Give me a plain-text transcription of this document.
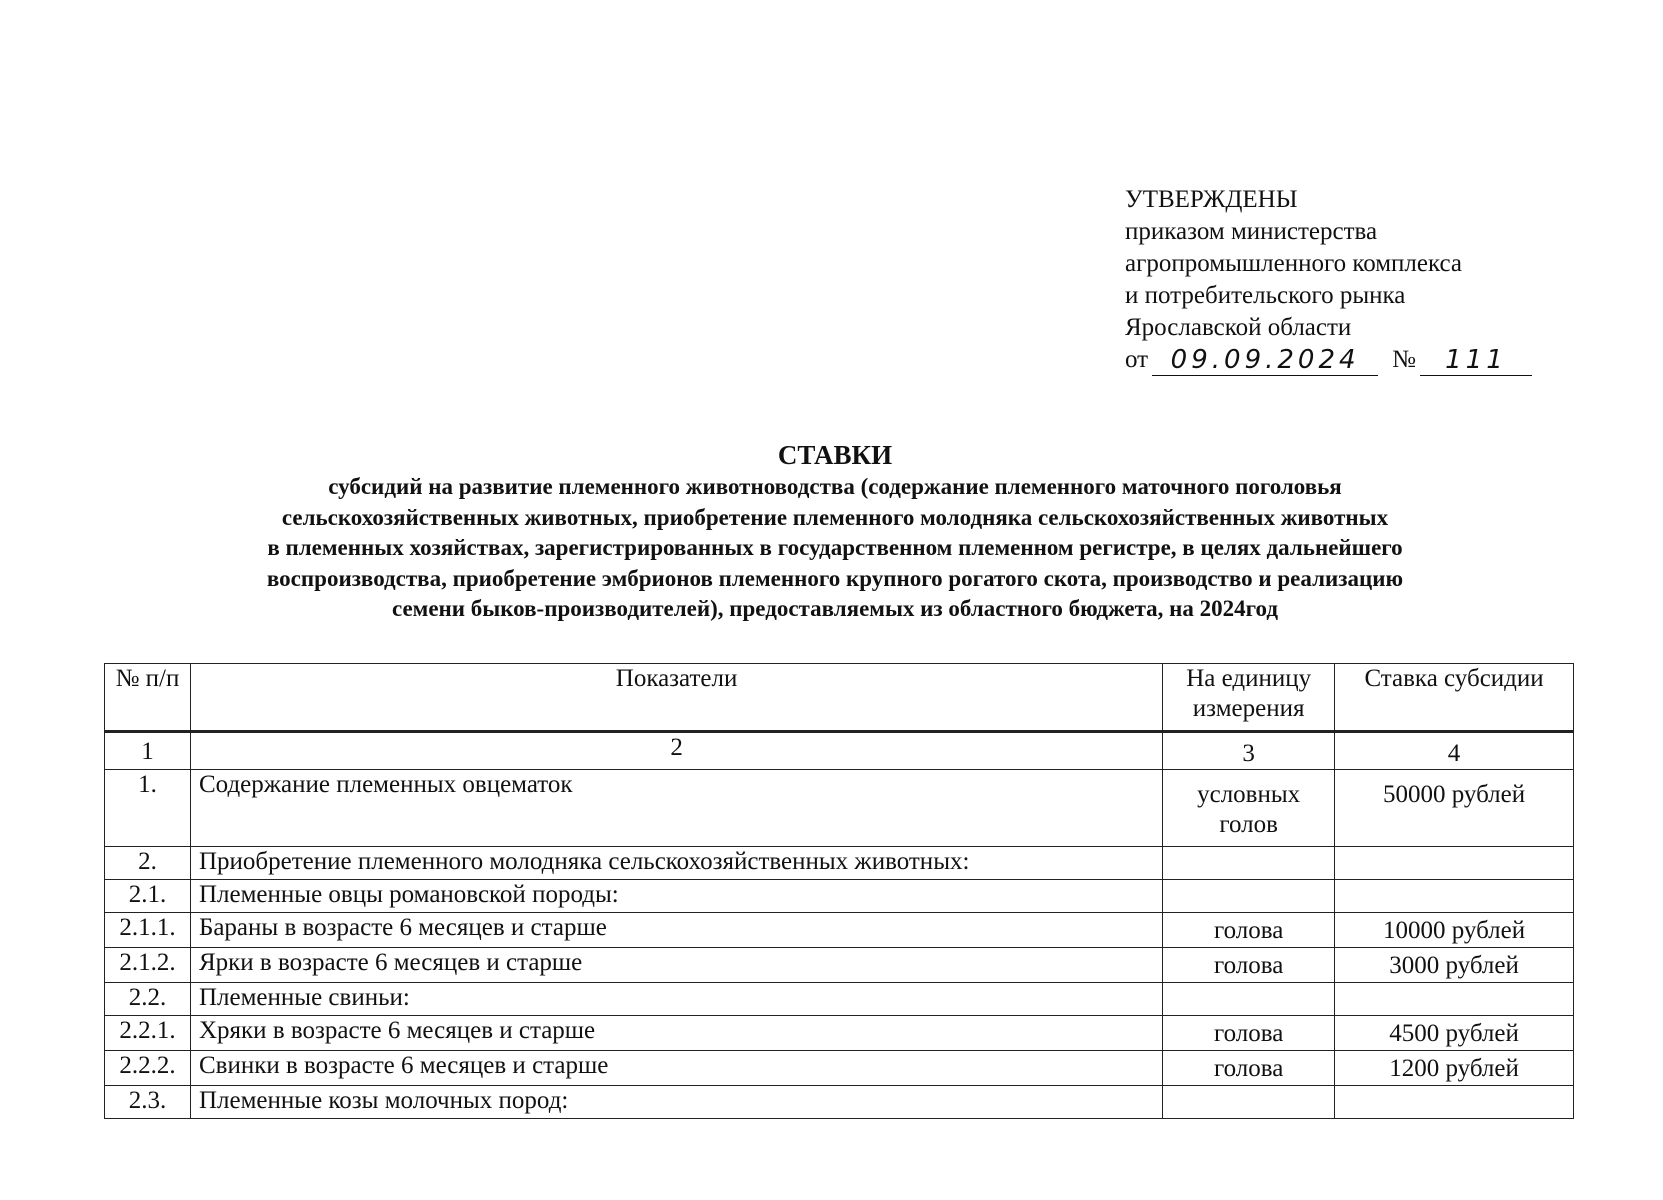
УТВЕРЖДЕНЫ
приказом министерства
агропромышленного комплекса
и потребительского рынка
Ярославской области
от 09.09.2024	№	111
СТАВКИ
субсидий на развитие племенного животноводства (содержание племенного маточного поголовья
сельскохозяйственных животных, приобретение племенного молодняка сельскохозяйственных животных
в племенных хозяйствах, зарегистрированных в государственном племенном регистре, в целях дальнейшего
воспроизводства, приобретение эмбрионов племенного крупного рогатого скота, производство и реализацию
семени быков-производителей), предоставляемых из областного бюджета, на 2024год
№ п/п	Показатели	На единицу измерения	Ставка субсидии
1	2	3	4
1.	Содержание племенных овцематок	условных голов	50000 рублей
2.	Приобретение племенного молодняка сельскохозяйственных животных:		
2.1.	Племенные овцы романовской породы:		
2.1.1.	Бараны в возрасте 6 месяцев и старше	голова	10000 рублей
2.1.2.	Ярки в возрасте 6 месяцев и старше	голова	3000 рублей
2.2.	Племенные свиньи:		
2.2.1.	Хряки в возрасте 6 месяцев и старше	голова	4500 рублей
2.2.2.	Свинки в возрасте 6 месяцев и старше	голова	1200 рублей
2.3.	Племенные козы молочных пород:		
